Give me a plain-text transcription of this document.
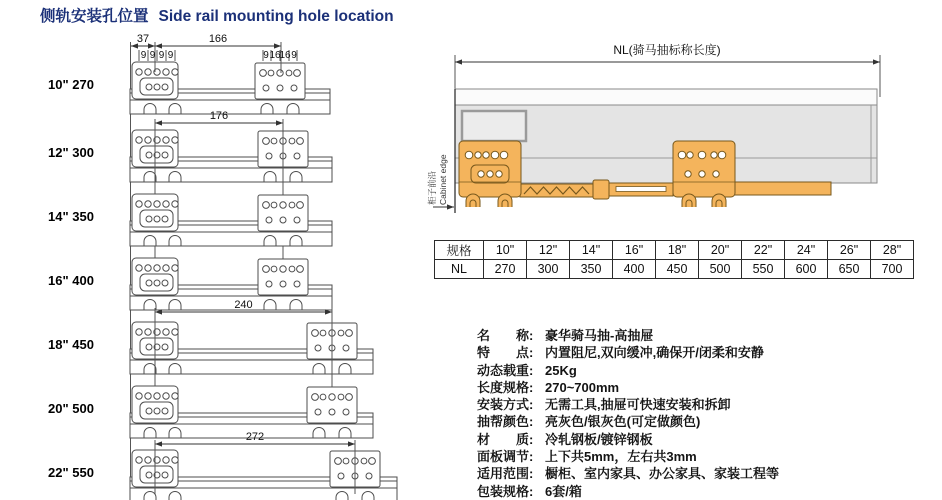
侧轨安装孔位置 Side rail mounting hole location
10" 270
37	166
9 9 9 9	9 16
16 9
12" 300
176
14" 350
16" 400
18" 450
240
20" 500
22" 550
272
NL(骑马抽标称长度)
柜子前沿 Cabinet edge
规格	10"	12"	14"	16"	18"	20"	22"	24"	26"	28"
NL	270	300	350	400	450	500	550	600	650	700
名　　称: 豪华骑马抽-高抽屉
特　　点: 内置阻尼,双向缓冲,确保开/闭柔和安静
动态载重: 25Kg
长度规格: 270~700mm
安装方式: 无需工具,抽屉可快速安装和拆卸
抽帮颜色: 亮灰色/银灰色(可定做颜色)
材　　质: 冷轧钢板/镀锌钢板
面板调节: 上下共5mm，左右共3mm
适用范围: 橱柜、室内家具、办公家具、家装工程等
包装规格: 6套/箱
